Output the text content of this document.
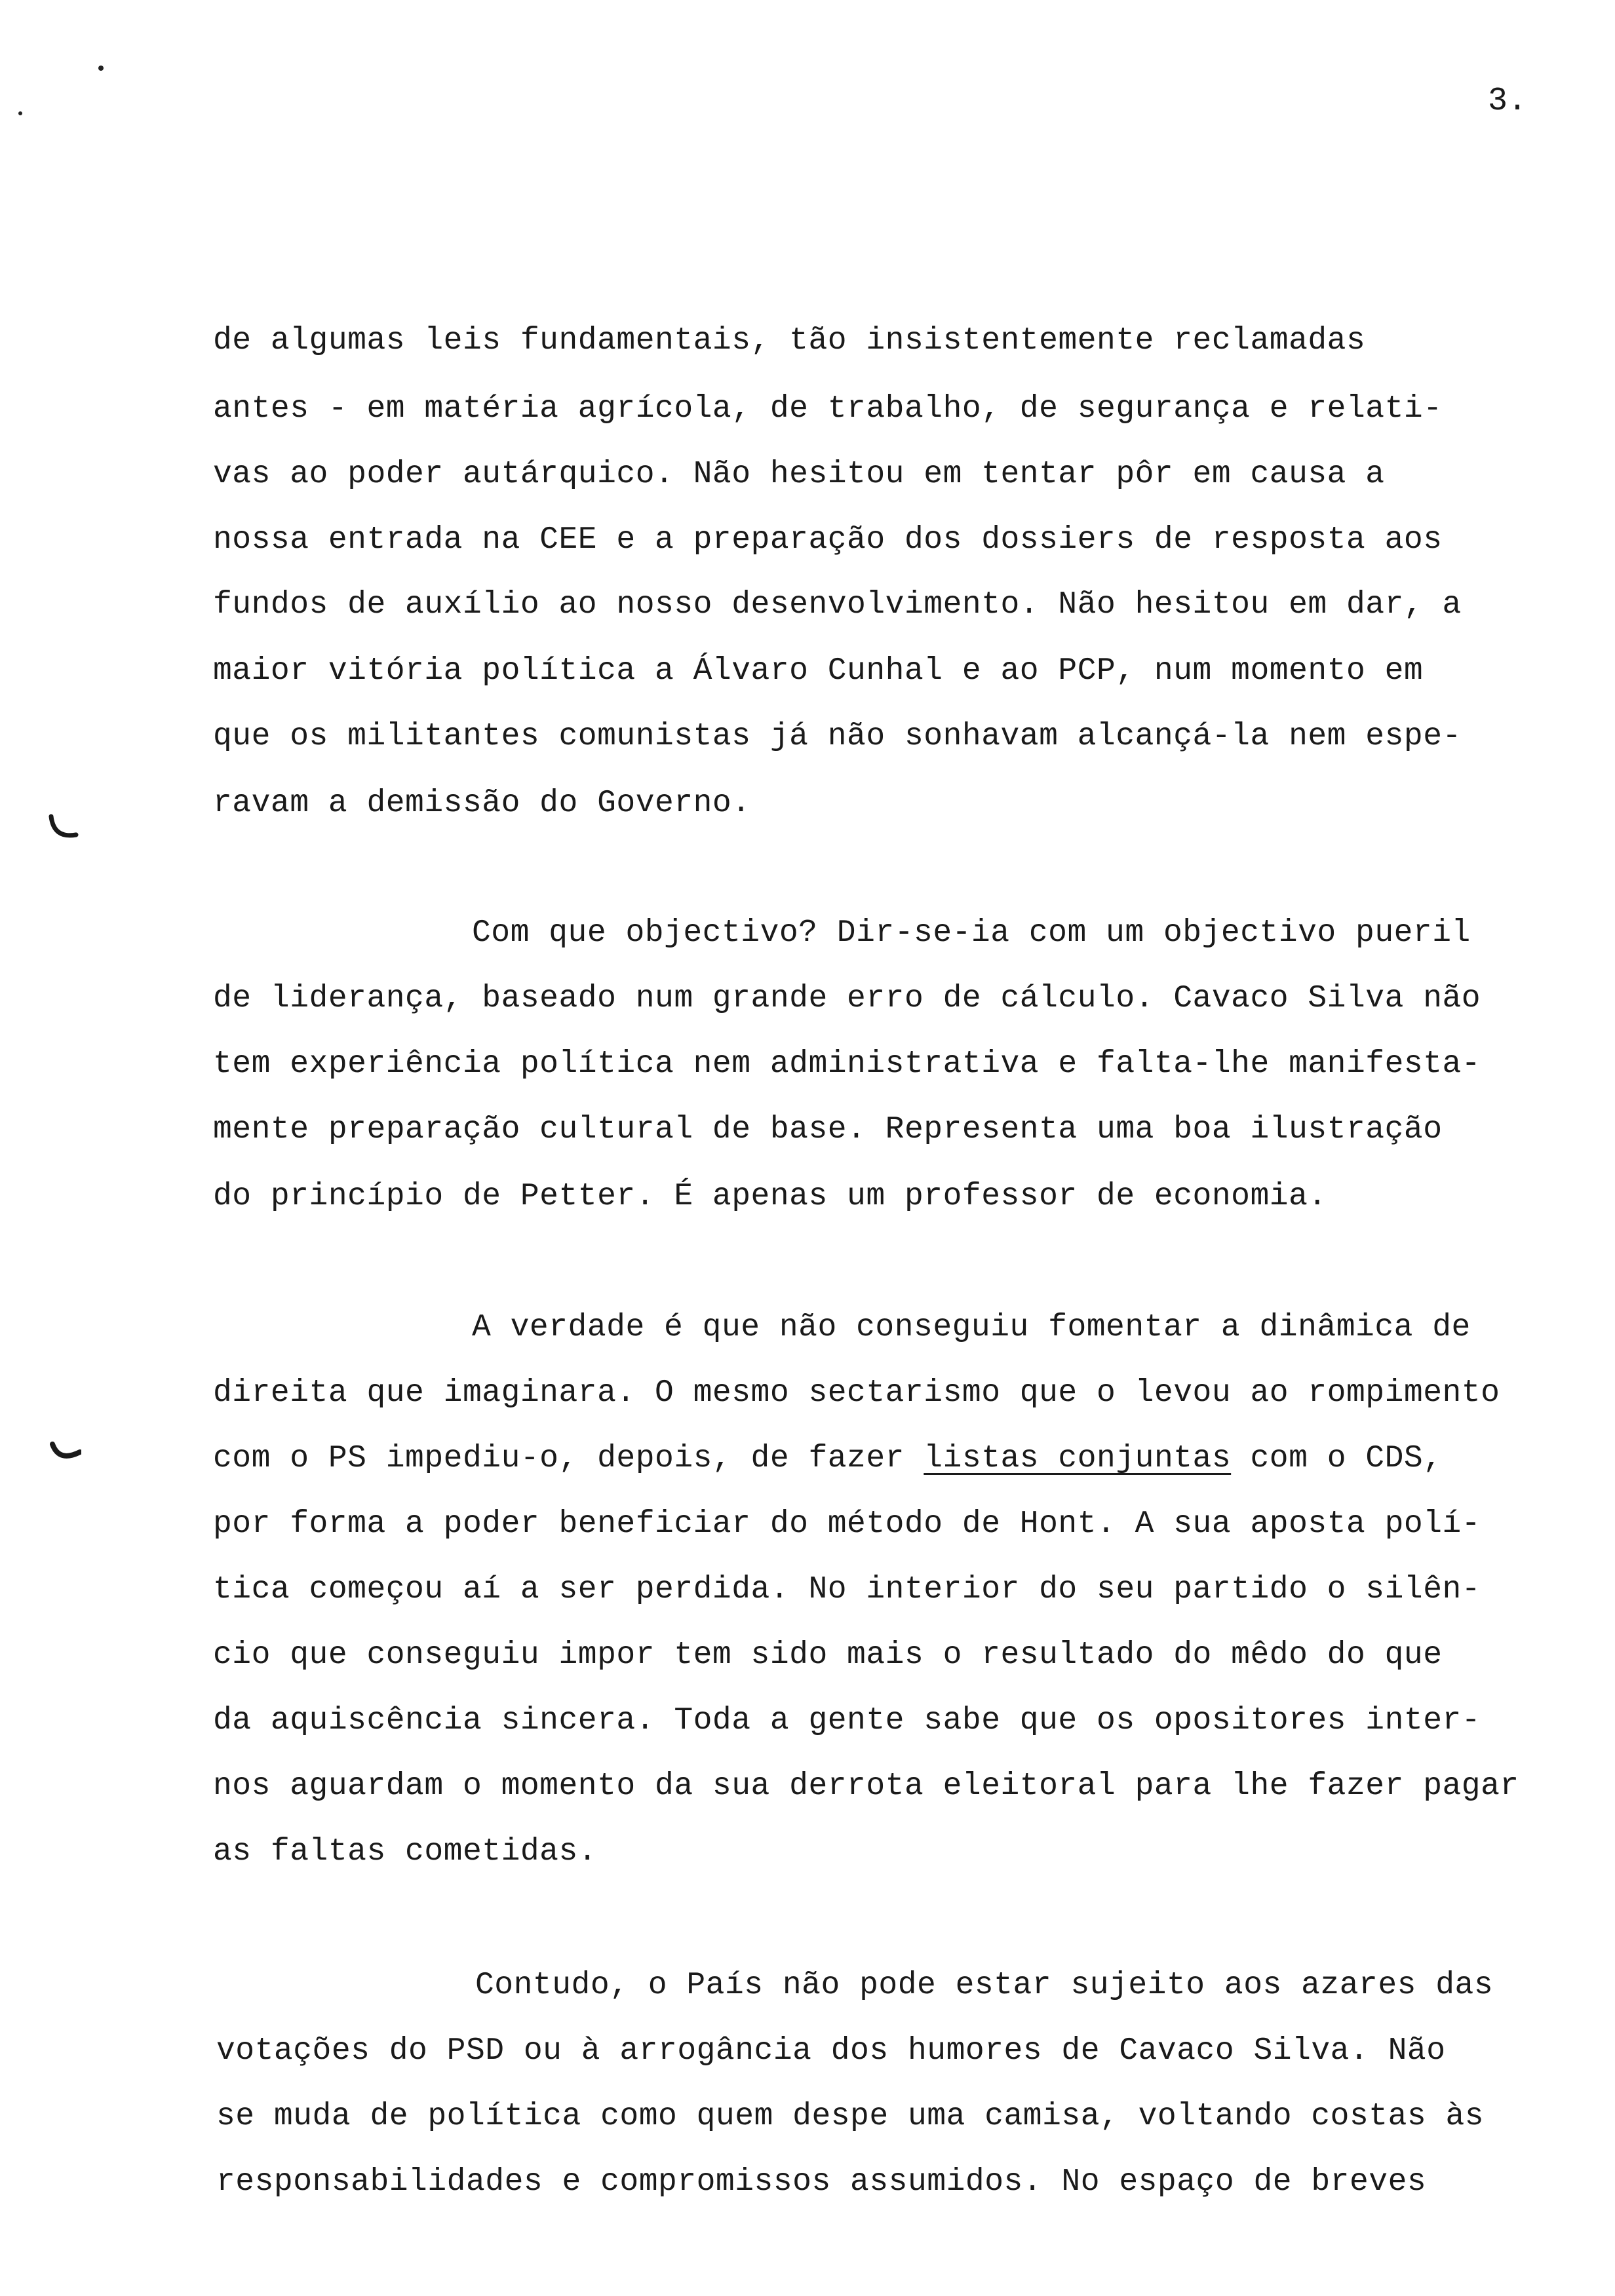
3.
de algumas leis fundamentais, tão insistentemente reclamadas
antes - em matéria agrícola, de trabalho, de segurança e relati-
vas ao poder autárquico. Não hesitou em tentar pôr em causa a
nossa entrada na CEE e a preparação dos dossiers de resposta aos
fundos de auxílio ao nosso desenvolvimento. Não hesitou em dar, a
maior vitória política a Álvaro Cunhal e ao PCP, num momento em
que os militantes comunistas já não sonhavam alcançá-la nem espe-
ravam a demissão do Governo.
Com que objectivo? Dir-se-ia com um objectivo pueril
de liderança, baseado num grande erro de cálculo. Cavaco Silva não
tem experiência política nem administrativa e falta-lhe manifesta-
mente preparação cultural de base. Representa uma boa ilustração
do princípio de Petter. É apenas um professor de economia.
A verdade é que não conseguiu fomentar a dinâmica de
direita que imaginara. O mesmo sectarismo que o levou ao rompimento
com o PS impediu-o, depois, de fazer listas conjuntas com o CDS,
por forma a poder beneficiar do método de Hont. A sua aposta polí-
tica começou aí a ser perdida. No interior do seu partido o silên-
cio que conseguiu impor tem sido mais o resultado do mêdo do que
da aquiscência sincera. Toda a gente sabe que os opositores inter-
nos aguardam o momento da sua derrota eleitoral para lhe fazer pagar
as faltas cometidas.
Contudo, o País não pode estar sujeito aos azares das
votações do PSD ou à arrogância dos humores de Cavaco Silva. Não
se muda de política como quem despe uma camisa, voltando costas às
responsabilidades e compromissos assumidos. No espaço de breves
